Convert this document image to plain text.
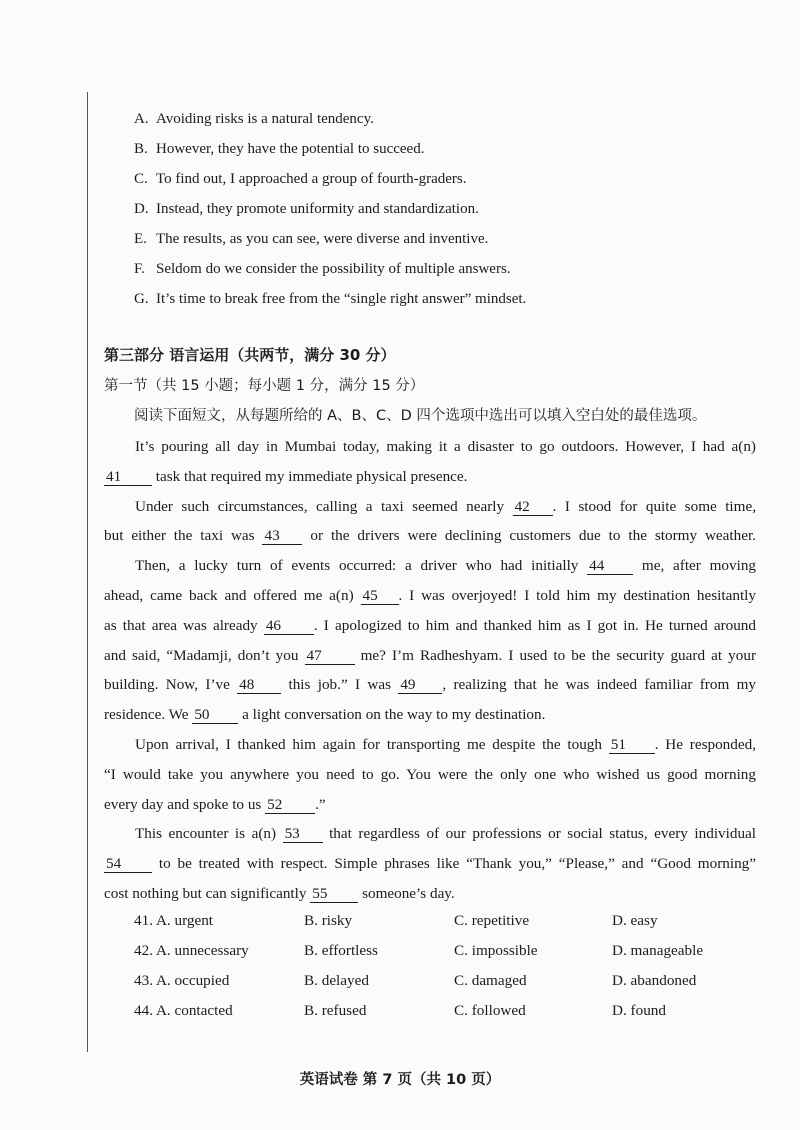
A. Avoiding risks is a natural tendency.
B. However, they have the potential to succeed.
C. To find out, I approached a group of fourth-graders.
D. Instead, they promote uniformity and standardization.
E. The results, as you can see, were diverse and inventive.
F. Seldom do we consider the possibility of multiple answers.
G. It’s time to break free from the “single right answer” mindset.
第三部分 语言运用（共两节，满分 30 分）
第一节（共 15 小题；每小题 1 分，满分 15 分）
阅读下面短文，从每题所给的 A、B、C、D 四个选项中选出可以填入空白处的最佳选项。
It’s pouring all day in Mumbai today, making it a disaster to go outdoors. However, I had a(n)
41 task that required my immediate physical presence.
Under such circumstances, calling a taxi seemed nearly 42 . I stood for quite some time,
but either the taxi was 43 or the drivers were declining customers due to the stormy weather.
Then, a lucky turn of events occurred: a driver who had initially 44 me, after moving
ahead, came back and offered me a(n) 45 . I was overjoyed! I told him my destination hesitantly
as that area was already 46 . I apologized to him and thanked him as I got in. He turned around
and said, “Madamji, don’t you 47 me? I’m Radheshyam. I used to be the security guard at your
building. Now, I’ve 48 this job.” I was 49 , realizing that he was indeed familiar from my
residence. We 50 a light conversation on the way to my destination.
Upon arrival, I thanked him again for transporting me despite the tough 51 . He responded,
“I would take you anywhere you need to go. You were the only one who wished us good morning
every day and spoke to us 52 .”
This encounter is a(n) 53 that regardless of our professions or social status, every individual
54 to be treated with respect. Simple phrases like “Thank you,” “Please,” and “Good morning”
cost nothing but can significantly 55 someone’s day.
41. A. urgent	B. risky	C. repetitive	D. easy
42. A. unnecessary	B. effortless	C. impossible	D. manageable
43. A. occupied	B. delayed	C. damaged	D. abandoned
44. A. contacted	B. refused	C. followed	D. found
英语试卷 第 7 页（共 10 页）
